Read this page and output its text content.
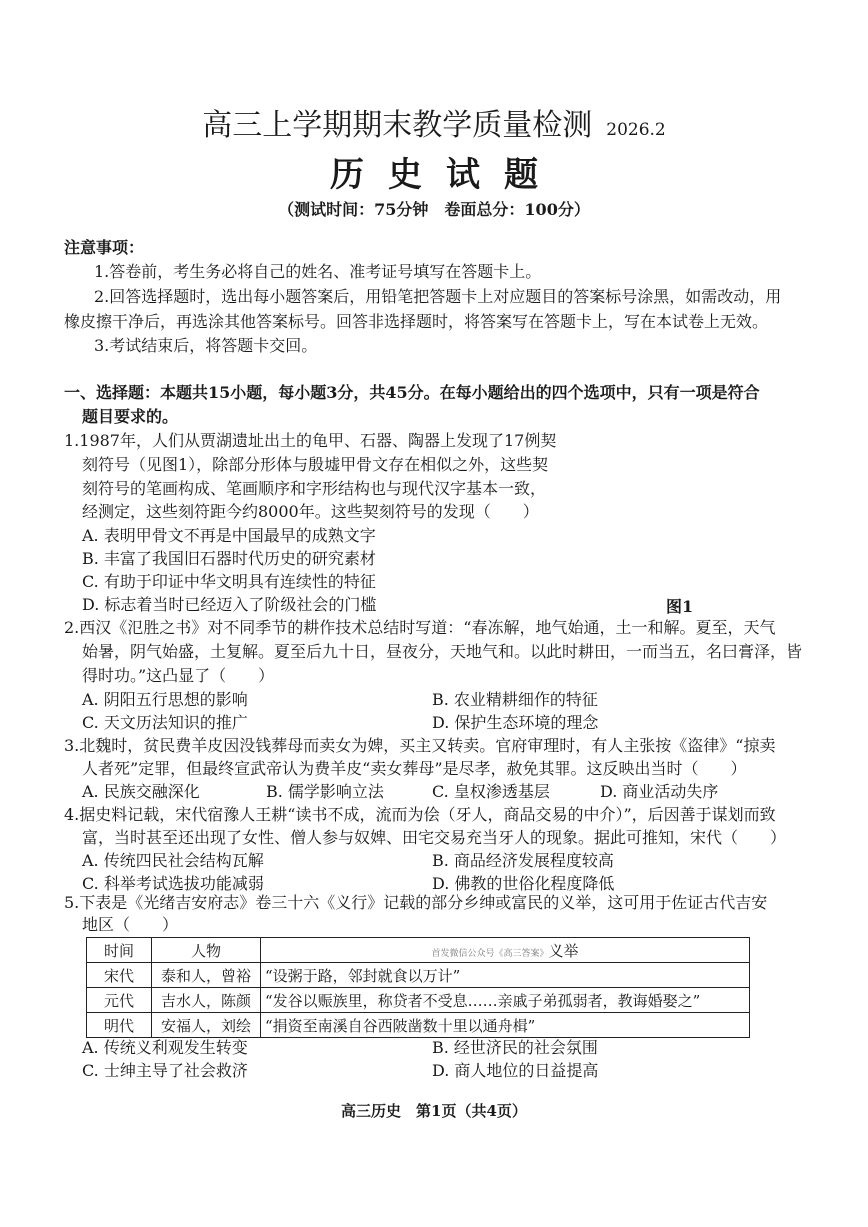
高三上学期期末教学质量检测 2026.2
历史试题
（测试时间：75分钟　卷面总分：100分）
注意事项：
1.答卷前，考生务必将自己的姓名、准考证号填写在答题卡上。
2.回答选择题时，选出每小题答案后，用铅笔把答题卡上对应题目的答案标号涂黑，如需改动，用
橡皮擦干净后，再选涂其他答案标号。回答非选择题时，将答案写在答题卡上，写在本试卷上无效。
3.考试结束后，将答题卡交回。
一、选择题：本题共15小题，每小题3分，共45分。在每小题给出的四个选项中，只有一项是符合
题目要求的。
1.1987年，人们从贾湖遗址出土的龟甲、石器、陶器上发现了17例契
刻符号（见图1），除部分形体与殷墟甲骨文存在相似之外，这些契
刻符号的笔画构成、笔画顺序和字形结构也与现代汉字基本一致，
经测定，这些刻符距今约8000年。这些契刻符号的发现（　　）
A. 表明甲骨文不再是中国最早的成熟文字
B. 丰富了我国旧石器时代历史的研究素材
C. 有助于印证中华文明具有连续性的特征
D. 标志着当时已经迈入了阶级社会的门槛	图1
2.西汉《氾胜之书》对不同季节的耕作技术总结时写道：“春冻解，地气始通，土一和解。夏至，天气
始暑，阴气始盛，土复解。夏至后九十日，昼夜分，天地气和。以此时耕田，一而当五，名曰膏泽，皆
得时功。”这凸显了（　　）
A. 阴阳五行思想的影响	B. 农业精耕细作的特征
C. 天文历法知识的推广	D. 保护生态环境的理念
3.北魏时，贫民费羊皮因没钱葬母而卖女为婢，买主又转卖。官府审理时，有人主张按《盗律》“掠卖
人者死”定罪，但最终宣武帝认为费羊皮“卖女葬母”是尽孝，赦免其罪。这反映出当时（　　）
A. 民族交融深化	B. 儒学影响立法	C. 皇权渗透基层	D. 商业活动失序
4.据史料记载，宋代宿豫人王耕“读书不成，流而为侩（牙人，商品交易的中介）”，后因善于谋划而致
富，当时甚至还出现了女性、僧人参与奴婢、田宅交易充当牙人的现象。据此可推知，宋代（　　）
A. 传统四民社会结构瓦解	B. 商品经济发展程度较高
C. 科举考试选拔功能减弱	D. 佛教的世俗化程度降低
5.下表是《光绪吉安府志》卷三十六《义行》记载的部分乡绅或富民的义举，这可用于佐证古代吉安
地区（　　）
时间	人物	首发微信公众号《高三答案》义举
宋代	泰和人，曾裕	“设粥于路，邻封就食以万计”
元代	吉水人，陈颜	“发谷以赈族里，称贷者不受息……亲戚子弟孤弱者，教诲婚娶之”
明代	安福人，刘绘	“捐资至南溪自谷西陂凿数十里以通舟楫”
A. 传统义利观发生转变	B. 经世济民的社会氛围
C. 士绅主导了社会救济	D. 商人地位的日益提高
高三历史　第1页（共4页）
